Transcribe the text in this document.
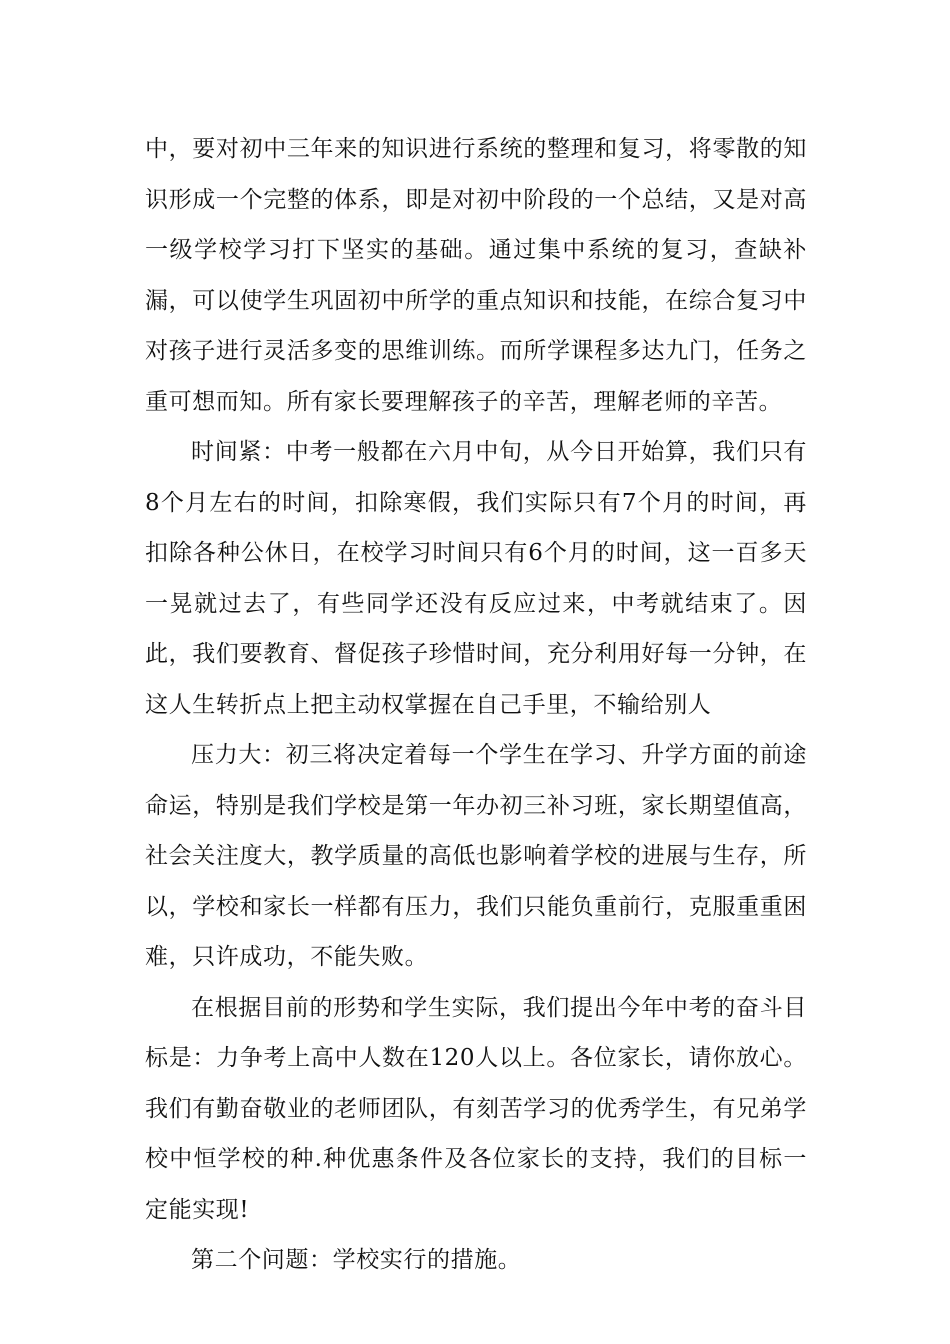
中，要对初中三年来的知识进行系统的整理和复习，将零散的知识形成一个完整的体系，即是对初中阶段的一个总结，又是对高一级学校学习打下坚实的基础。通过集中系统的复习，查缺补漏，可以使学生巩固初中所学的重点知识和技能，在综合复习中对孩子进行灵活多变的思维训练。而所学课程多达九门，任务之重可想而知。所有家长要理解孩子的辛苦，理解老师的辛苦。

时间紧：中考一般都在六月中旬，从今日开始算，我们只有8个月左右的时间，扣除寒假，我们实际只有7个月的时间，再扣除各种公休日，在校学习时间只有6个月的时间，这一百多天一晃就过去了，有些同学还没有反应过来，中考就结束了。因此，我们要教育、督促孩子珍惜时间，充分利用好每一分钟，在这人生转折点上把主动权掌握在自己手里，不输给别人

压力大：初三将决定着每一个学生在学习、升学方面的前途命运，特别是我们学校是第一年办初三补习班，家长期望值高，社会关注度大，教学质量的高低也影响着学校的进展与生存，所以，学校和家长一样都有压力，我们只能负重前行，克服重重困难，只许成功，不能失败。

在根据目前的形势和学生实际，我们提出今年中考的奋斗目标是：力争考上高中人数在120人以上。各位家长，请你放心。我们有勤奋敬业的老师团队，有刻苦学习的优秀学生，有兄弟学校中恒学校的种.种优惠条件及各位家长的支持，我们的目标一定能实现!

第二个问题：学校实行的措施。
